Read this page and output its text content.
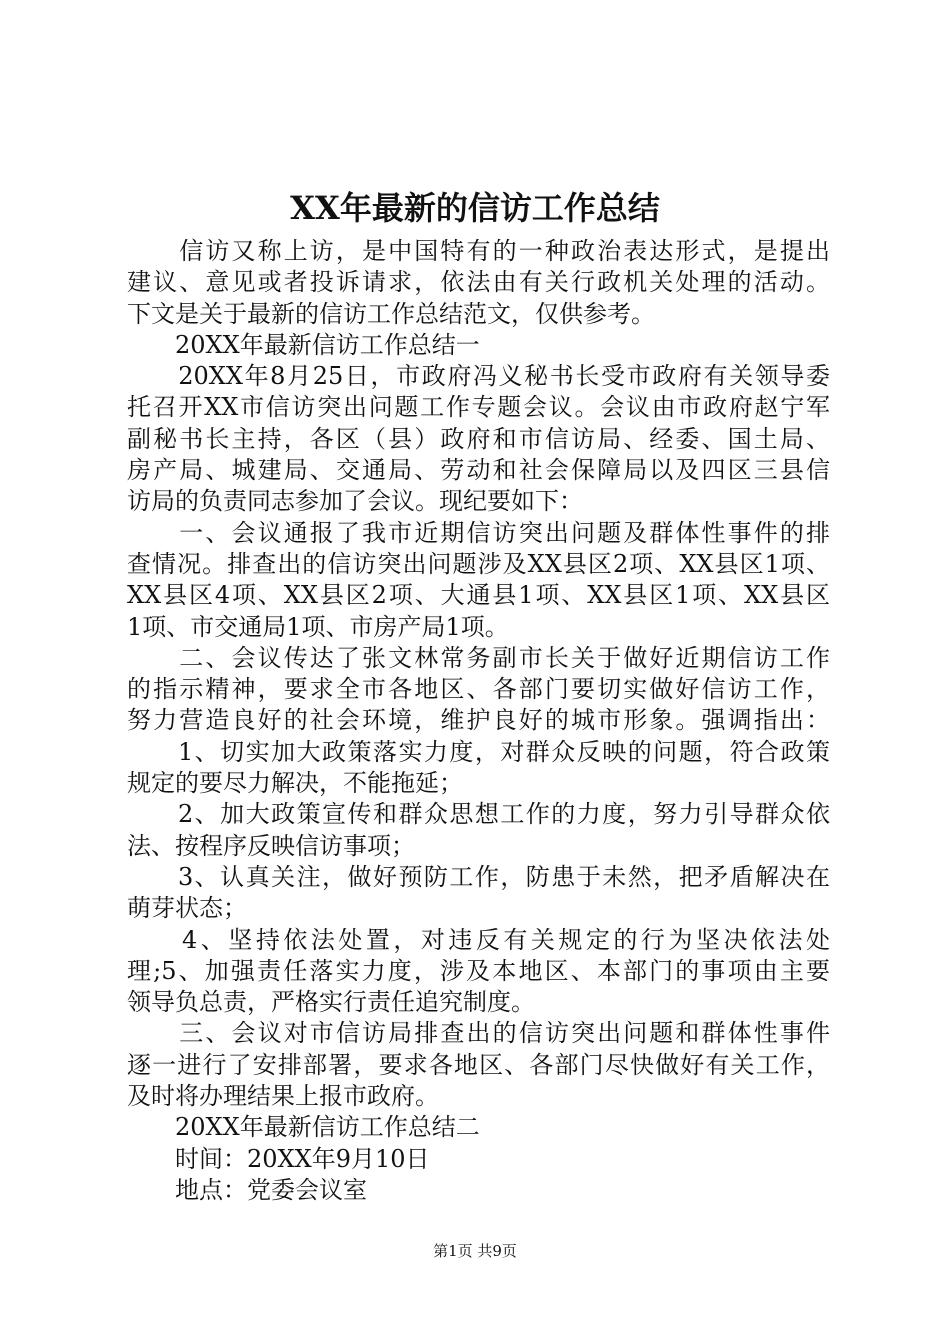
XX年最新的信访工作总结
　　信访又称上访，是中国特有的一种政治表达形式，是提出
建议、意见或者投诉请求，依法由有关行政机关处理的活动。
下文是关于最新的信访工作总结范文，仅供参考。
　　20XX年最新信访工作总结一
　　20XX年8月25日，市政府冯义秘书长受市政府有关领导委
托召开XX市信访突出问题工作专题会议。会议由市政府赵宁军
副秘书长主持，各区（县）政府和市信访局、经委、国土局、
房产局、城建局、交通局、劳动和社会保障局以及四区三县信
访局的负责同志参加了会议。现纪要如下：
　　一、会议通报了我市近期信访突出问题及群体性事件的排
查情况。排查出的信访突出问题涉及XX县区2项、XX县区1项、
XX县区4项、XX县区2项、大通县1项、XX县区1项、XX县区
1项、市交通局1项、市房产局1项。
　　二、会议传达了张文林常务副市长关于做好近期信访工作
的指示精神，要求全市各地区、各部门要切实做好信访工作，
努力营造良好的社会环境，维护良好的城市形象。强调指出：
　　1、切实加大政策落实力度，对群众反映的问题，符合政策
规定的要尽力解决，不能拖延；
　　2、加大政策宣传和群众思想工作的力度，努力引导群众依
法、按程序反映信访事项；
　　3、认真关注，做好预防工作，防患于未然，把矛盾解决在
萌芽状态；
　　4、坚持依法处置，对违反有关规定的行为坚决依法处
理;5、加强责任落实力度，涉及本地区、本部门的事项由主要
领导负总责，严格实行责任追究制度。
　　三、会议对市信访局排查出的信访突出问题和群体性事件
逐一进行了安排部署，要求各地区、各部门尽快做好有关工作，
及时将办理结果上报市政府。
　　20XX年最新信访工作总结二
　　时间：20XX年9月10日
　　地点：党委会议室
第1页 共9页
